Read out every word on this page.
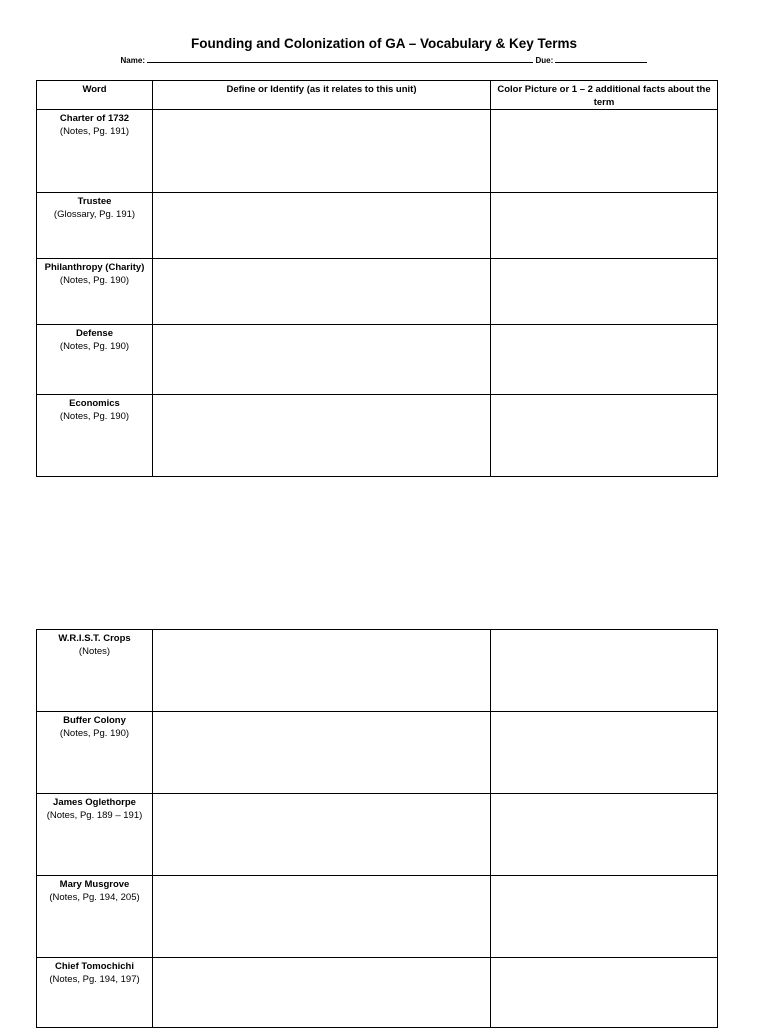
Founding and Colonization of GA – Vocabulary & Key Terms
Name:	Due:
Word	Define or Identify (as it relates to this unit)	Color Picture or 1 – 2 additional facts about the term

Charter of 1732
(Notes, Pg. 191)		

Trustee
(Glossary, Pg. 191)		

Philanthropy (Charity)
(Notes, Pg. 190)		

Defense
(Notes, Pg. 190)		

Economics
(Notes, Pg. 190)		

W.R.I.S.T. Crops
(Notes)		

Buffer Colony
(Notes, Pg. 190)		

James Oglethorpe
(Notes, Pg. 189 – 191)		

Mary Musgrove
(Notes, Pg. 194, 205)		

Chief Tomochichi
(Notes, Pg. 194, 197)		
